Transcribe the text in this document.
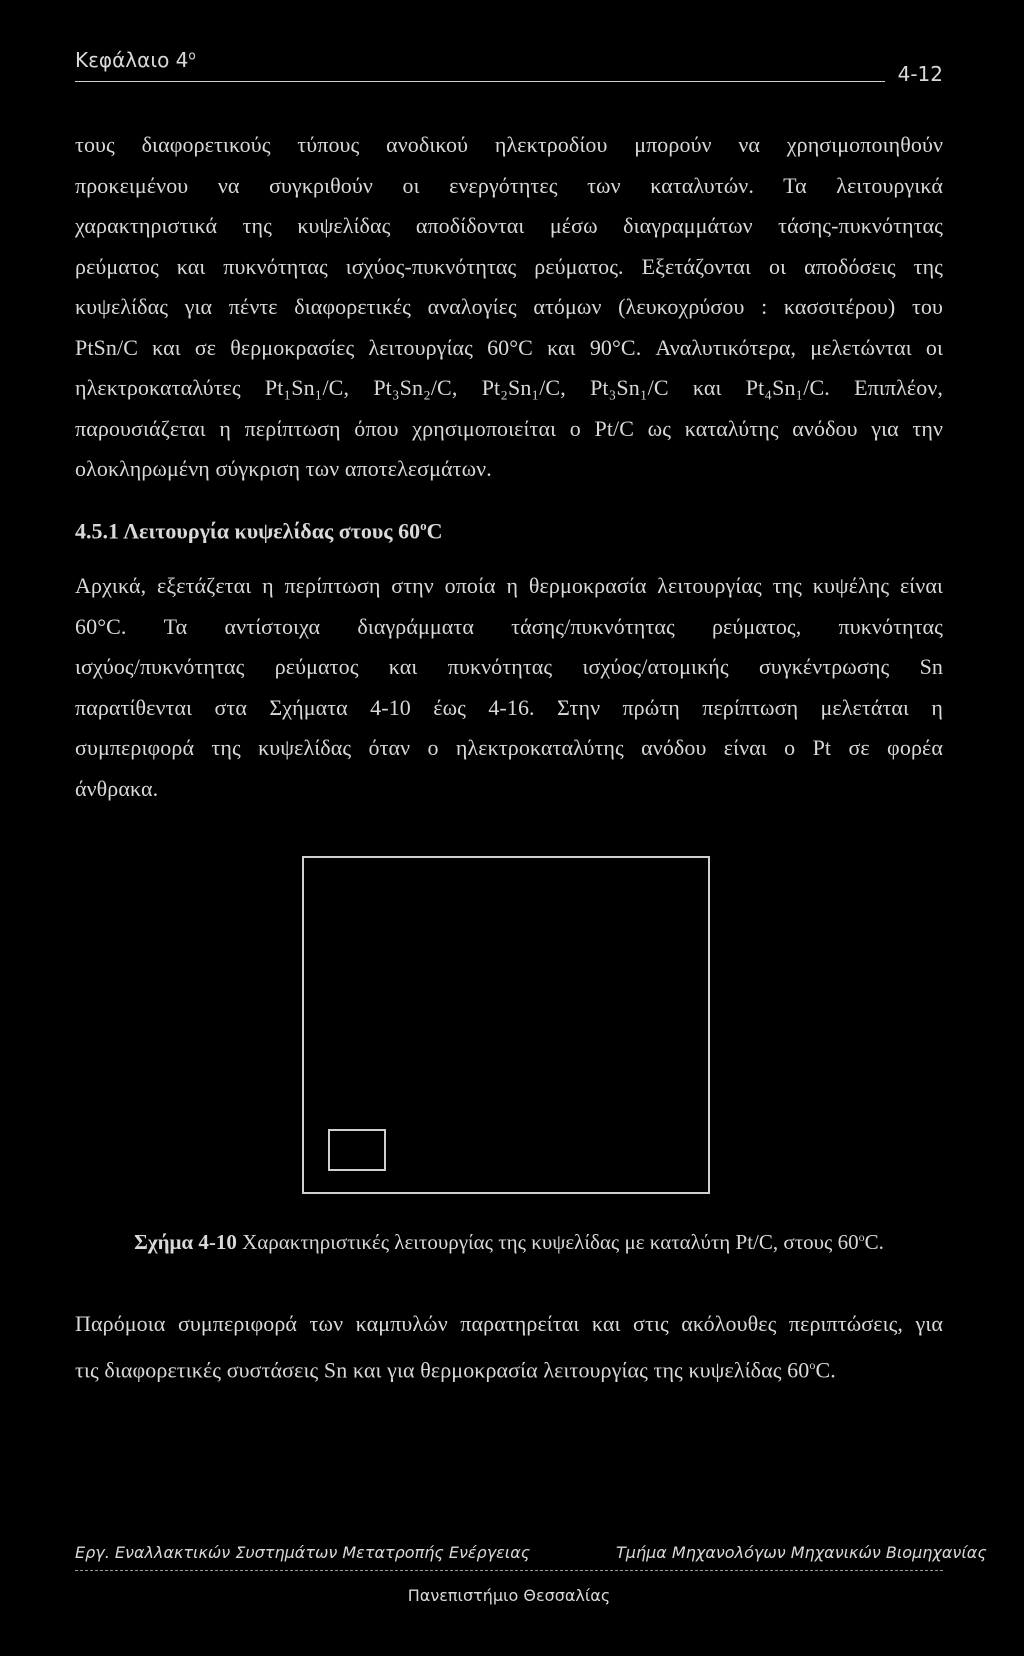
Κεφάλαιο $4^o$
4-12
τους διαφορετικούς τύπους ανοδικού ηλεκτροδίου μπορούν να χρησιμοποιηθούν
προκειμένου να συγκριθούν οι ενεργότητες των καταλυτών. Τα λειτουργικά
χαρακτηριστικά της κυψελίδας αποδίδονται μέσω διαγραμμάτων τάσης-πυκνότητας
ρεύματος και πυκνότητας ισχύος-πυκνότητας ρεύματος. Εξετάζονται οι αποδόσεις της
κυψελίδας για πέντε διαφορετικές αναλογίες ατόμων (λευκοχρύσου : κασσιτέρου) του
PtSn/C και σε θερμοκρασίες λειτουργίας 60°C και 90°C. Αναλυτικότερα, μελετώνται οι
ηλεκτροκαταλύτες Pt₁Sn₁/C, Pt₃Sn₂/C, Pt₂Sn₁/C, Pt₃Sn₁/C και Pt₄Sn₁/C. Επιπλέον,
παρουσιάζεται η περίπτωση όπου χρησιμοποιείται ο Pt/C ως καταλύτης ανόδου για την
ολοκληρωμένη σύγκριση των αποτελεσμάτων.
4.5.1 Λειτουργία κυψελίδας στους 60$^o$C
Αρχικά, εξετάζεται η περίπτωση στην οποία η θερμοκρασία λειτουργίας της κυψέλης είναι
60°C. Τα αντίστοιχα διαγράμματα τάσης/πυκνότητας ρεύματος, πυκνότητας
ισχύος/πυκνότητας ρεύματος και πυκνότητας ισχύος/ατομικής συγκέντρωσης Sn
παρατίθενται στα Σχήματα 4-10 έως 4-16. Στην πρώτη περίπτωση μελετάται η
συμπεριφορά της κυψελίδας όταν ο ηλεκτροκαταλύτης ανόδου είναι ο Pt σε φορέα
άνθρακα.
Σχήμα 4-10 Χαρακτηριστικές λειτουργίας της κυψελίδας με καταλύτη Pt/C, στους 60$^o$C.
Παρόμοια συμπεριφορά των καμπυλών παρατηρείται και στις ακόλουθες περιπτώσεις, για
τις διαφορετικές συστάσεις Sn και για θερμοκρασία λειτουργίας της κυψελίδας 60$^o$C.
Εργ. Εναλλακτικών Συστημάτων Μετατροπής Ενέργειας	Τμήμα Μηχανολόγων Μηχανικών Βιομηχανίας
Πανεπιστήμιο Θεσσαλίας
